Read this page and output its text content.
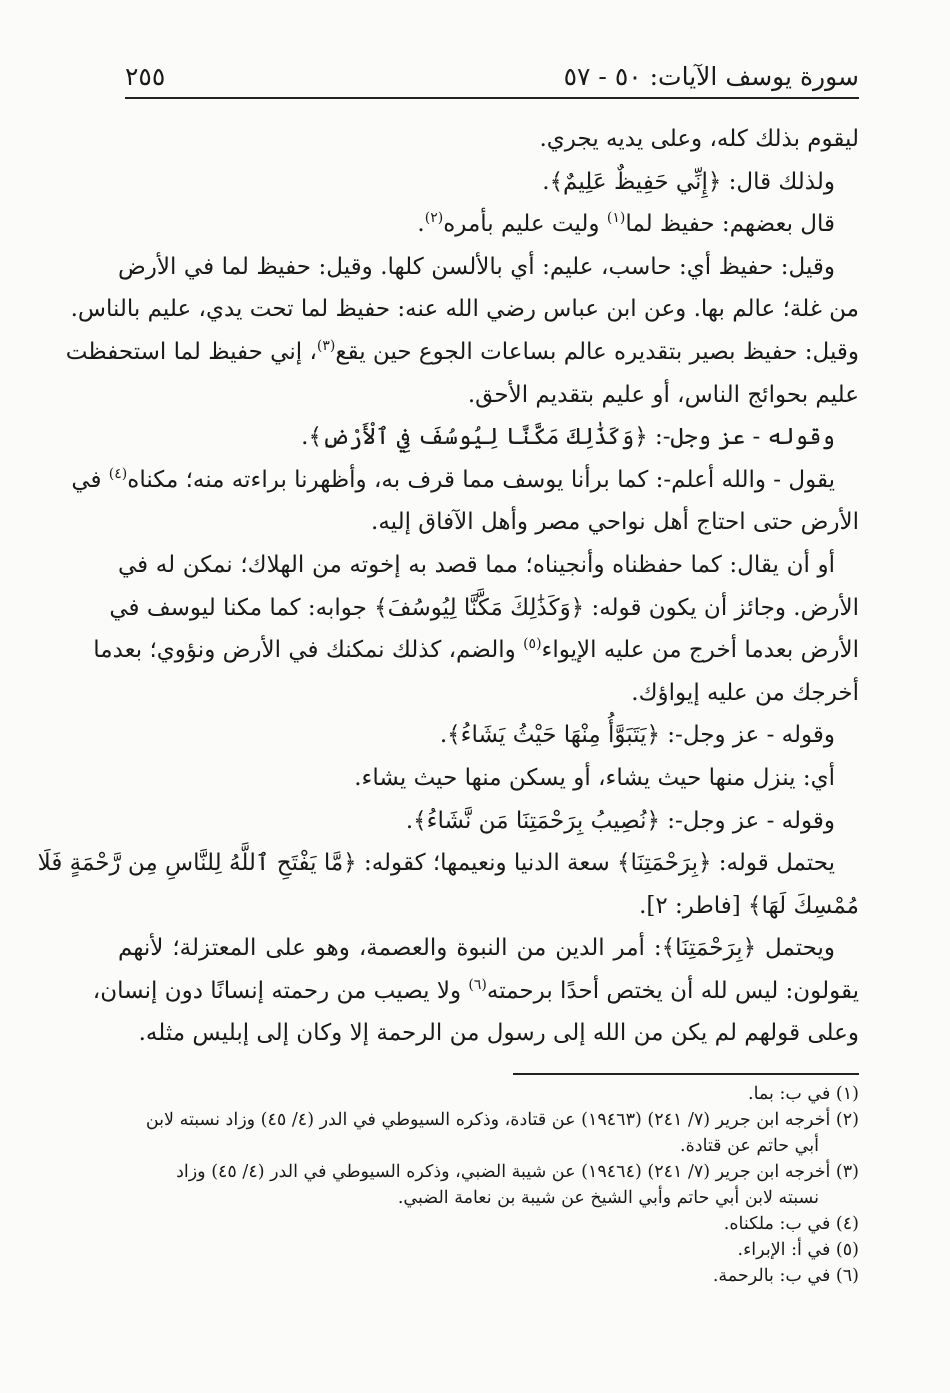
سورة يوسف الآيات: ٥٠ - ٥٧
٢٥٥
ليقوم بذلك كله، وعلى يديه يجري.
ولذلك قال: ﴿إِنِّي حَفِيظٌ عَلِيمٌ﴾.
قال بعضهم: حفيظ لما$^{(١)}$ وليت عليم بأمره$^{(٢)}$.
وقيل: حفيظ أي: حاسب، عليم: أي بالألسن كلها. وقيل: حفيظ لما في الأرض
من غلة؛ عالم بها. وعن ابن عباس رضي الله عنه: حفيظ لما تحت يدي، عليم بالناس.
وقيل: حفيظ بصير بتقديره عالم بساعات الجوع حين يقع$^{(٣)}$، إني حفيظ لما استحفظت
عليم بحوائج الناس، أو عليم بتقديم الأحق.
وقوله - عز وجل-: ﴿وَكَذَٰلِكَ مَكَّنَّا لِيُوسُفَ فِي ٱلْأَرْضِ﴾.
يقول - والله أعلم-: كما برأنا يوسف مما قرف به، وأظهرنا براءته منه؛ مكناه$^{(٤)}$ في
الأرض حتى احتاج أهل نواحي مصر وأهل الآفاق إليه.
أو أن يقال: كما حفظناه وأنجيناه؛ مما قصد به إخوته من الهلاك؛ نمكن له في
الأرض. وجائز أن يكون قوله: ﴿وَكَذَٰلِكَ مَكَّنَّا لِيُوسُفَ﴾ جوابه: كما مكنا ليوسف في
الأرض بعدما أخرج من عليه الإيواء$^{(٥)}$ والضم، كذلك نمكنك في الأرض ونؤوي؛ بعدما
أخرجك من عليه إيواؤك.
وقوله - عز وجل-: ﴿يَتَبَوَّأُ مِنْهَا حَيْثُ يَشَاءُ﴾.
أي: ينزل منها حيث يشاء، أو يسكن منها حيث يشاء.
وقوله - عز وجل-: ﴿نُصِيبُ بِرَحْمَتِنَا مَن نَّشَاءُ﴾.
يحتمل قوله: ﴿بِرَحْمَتِنَا﴾ سعة الدنيا ونعيمها؛ كقوله: ﴿مَّا يَفْتَحِ ٱللَّهُ لِلنَّاسِ مِن رَّحْمَةٍ فَلَا
مُمْسِكَ لَهَا﴾ [فاطر: ٢].
ويحتمل ﴿بِرَحْمَتِنَا﴾: أمر الدين من النبوة والعصمة، وهو على المعتزلة؛ لأنهم
يقولون: ليس لله أن يختص أحدًا برحمته$^{(٦)}$ ولا يصيب من رحمته إنسانًا دون إنسان،
وعلى قولهم لم يكن من الله إلى رسول من الرحمة إلا وكان إلى إبليس مثله.
(١) في ب: بما.
(٢) أخرجه ابن جرير (٧/ ٢٤١) (١٩٤٦٣) عن قتادة، وذكره السيوطي في الدر (٤/ ٤٥) وزاد نسبته لابن
أبي حاتم عن قتادة.
(٣) أخرجه ابن جرير (٧/ ٢٤١) (١٩٤٦٤) عن شيبة الضبي، وذكره السيوطي في الدر (٤/ ٤٥) وزاد
نسبته لابن أبي حاتم وأبي الشيخ عن شيبة بن نعامة الضبي.
(٤) في ب: ملكناه.
(٥) في أ: الإبراء.
(٦) في ب: بالرحمة.
